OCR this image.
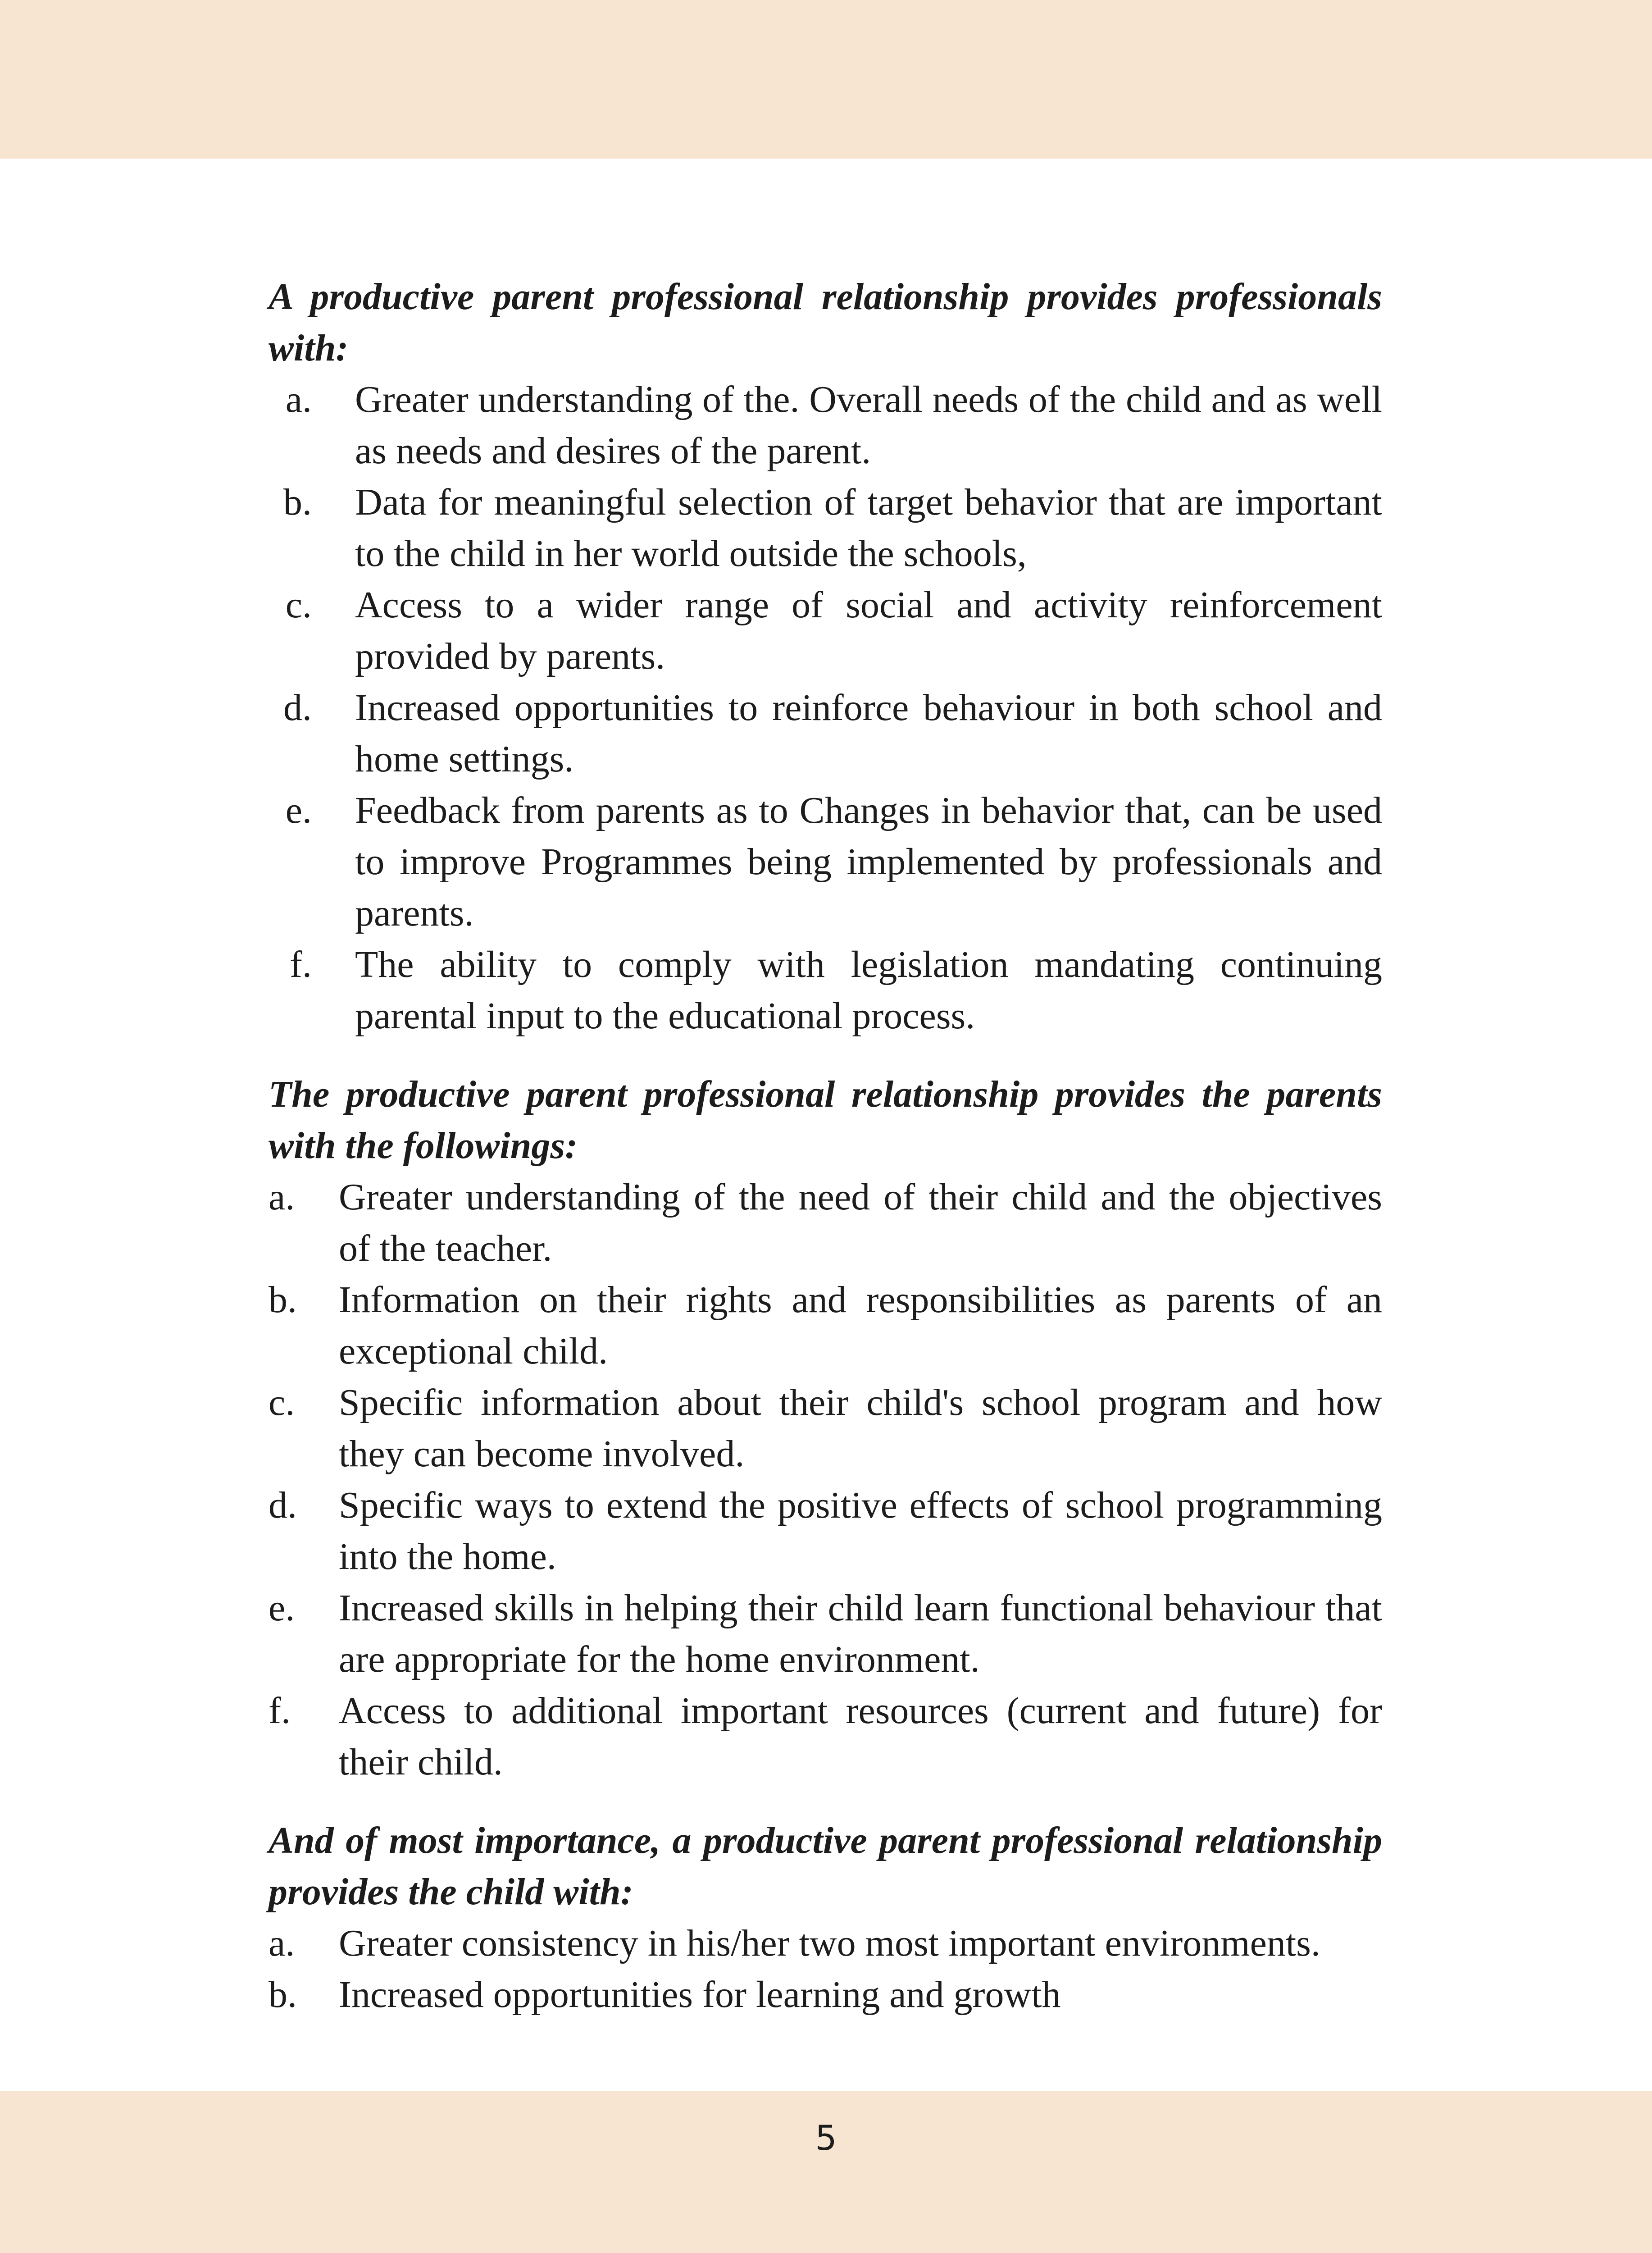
A productive parent professional relationship provides professionals with:

a. Greater understanding of the. Overall needs of the child and as well as needs and desires of the parent.
b. Data for meaningful selection of target behavior that are important to the child in her world outside the schools,
c. Access to a wider range of social and activity reinforcement provided by parents.
d. Increased opportunities to reinforce behaviour in both school and home settings.
e. Feedback from parents as to Changes in behavior that, can be used to improve Programmes being implemented by professionals and parents.
f. The ability to comply with legislation mandating continuing parental input to the educational process.

The productive parent professional relationship provides the parents with the followings:

a. Greater understanding of the need of their child and the objectives of the teacher.
b. Information on their rights and responsibilities as parents of an exceptional child.
c. Specific information about their child's school program and how they can become involved.
d. Specific ways to extend the positive effects of school programming into the home.
e. Increased skills in helping their child learn functional behaviour that are appropriate for the home environment.
f.	Access to additional important resources (current and future) for their child.

And of most importance, a productive parent professional relationship provides the child with:

a. Greater consistency in his/her two most important environments.
b. Increased opportunities for learning and growth
5
